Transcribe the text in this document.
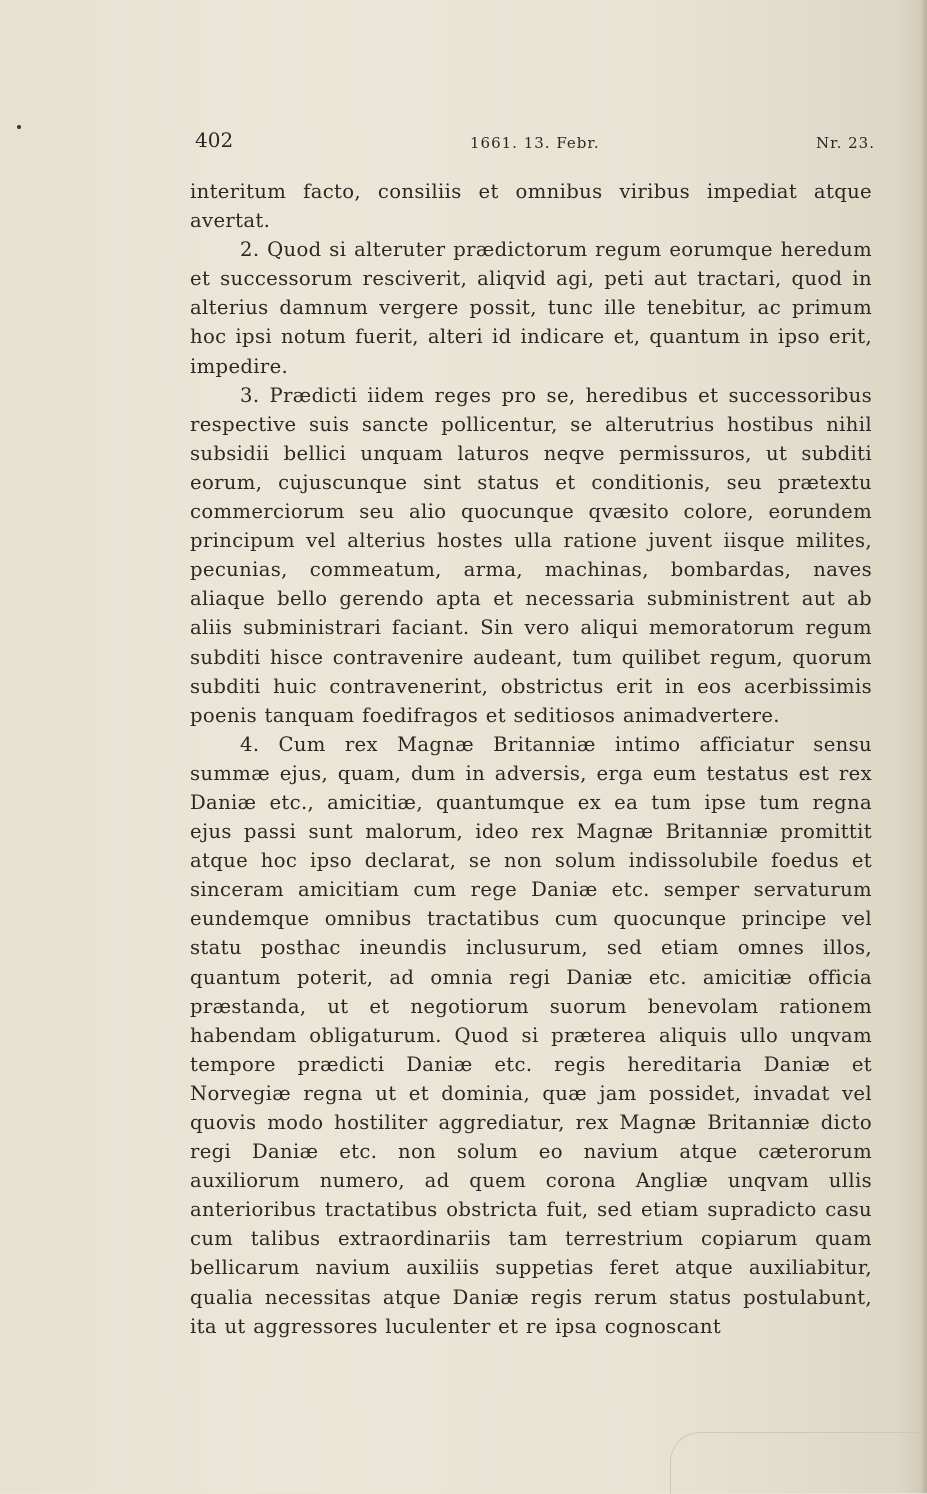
402	1661. 13. Febr.	Nr. 23.

interitum facto, consiliis et omnibus viribus impediat atque avertat.

2. Quod si alteruter prædictorum regum eorumque heredum et successorum resciverit, aliqvid agi, peti aut tractari, quod in alterius damnum vergere possit, tunc ille tenebitur, ac primum hoc ipsi notum fuerit, alteri id indicare et, quantum in ipso erit, impedire.

3. Prædicti iidem reges pro se, heredibus et successoribus respective suis sancte pollicentur, se alterutrius hostibus nihil subsidii bellici unquam laturos neqve permissuros, ut subditi eorum, cujuscunque sint status et conditionis, seu prætextu commerciorum seu alio quocunque qvæsito colore, eorundem principum vel alterius hostes ulla ratione juvent iisque milites, pecunias, commeatum, arma, machinas, bombardas, naves aliaque bello gerendo apta et necessaria subministrent aut ab aliis subministrari faciant. Sin vero aliqui memoratorum regum subditi hisce contravenire audeant, tum quilibet regum, quorum subditi huic contravenerint, obstrictus erit in eos acerbissimis poenis tanquam foedifragos et seditiosos animadvertere.

4. Cum rex Magnæ Britanniæ intimo afficiatur sensu summæ ejus, quam, dum in adversis, erga eum testatus est rex Daniæ etc., amicitiæ, quantumque ex ea tum ipse tum regna ejus passi sunt malorum, ideo rex Magnæ Britanniæ promittit atque hoc ipso declarat, se non solum indissolubile foedus et sinceram amicitiam cum rege Daniæ etc. semper servaturum eundemque omnibus tractatibus cum quocunque principe vel statu posthac ineundis inclusurum, sed etiam omnes illos, quantum poterit, ad omnia regi Daniæ etc. amicitiæ officia præstanda, ut et negotiorum suorum benevolam rationem habendam obligaturum. Quod si præterea aliquis ullo unqvam tempore prædicti Daniæ etc. regis hereditaria Daniæ et Norvegiæ regna ut et dominia, quæ jam possidet, invadat vel quovis modo hostiliter aggrediatur, rex Magnæ Britanniæ dicto regi Daniæ etc. non solum eo navium atque cæterorum auxiliorum numero, ad quem corona Angliæ unqvam ullis anterioribus tractatibus obstricta fuit, sed etiam supradicto casu cum talibus extraordinariis tam terrestrium copiarum quam bellicarum navium auxiliis suppetias feret atque auxiliabitur, qualia necessitas atque Daniæ regis rerum status postulabunt, ita ut aggressores luculenter et re ipsa cognoscant
